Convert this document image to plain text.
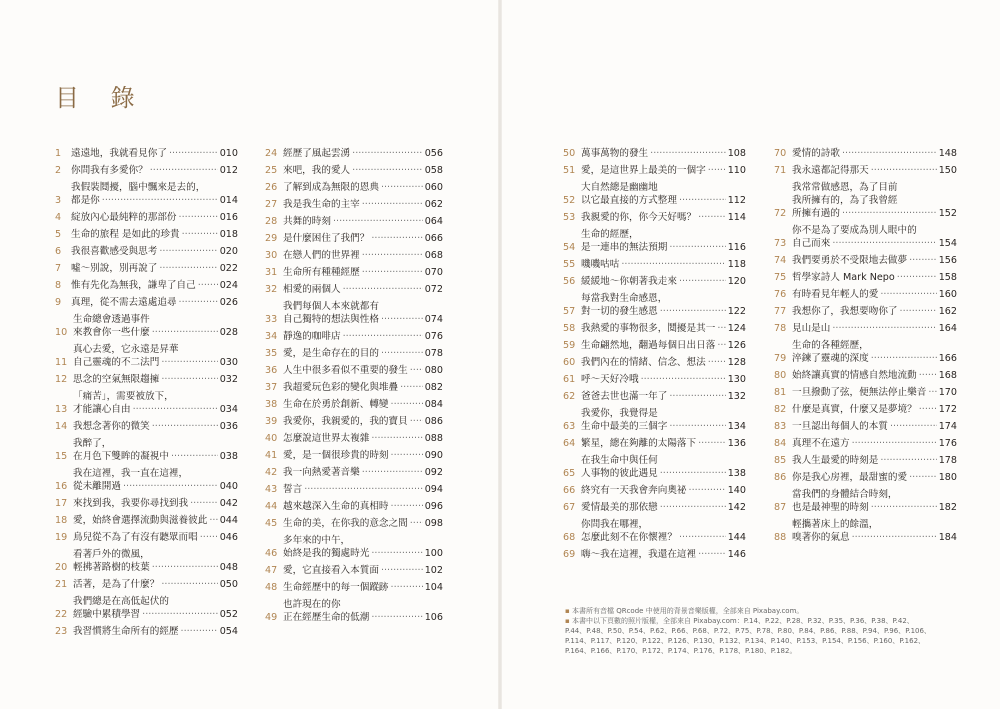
目 錄
1	遠遠地，我就看見你了 ·····	010
2	你問我有多愛你？ ·····	012
3
我假裝鬩擾，腦中飄來是去的，
都是你 ·····	014
4	綻放內心最純粹的那部份 ·····	016
5	生命的旅程 是如此的珍貴 ·····	018
6	我很喜歡感受與思考 ·····	020
7	噓～別說，別再說了 ·····	022
8	惟有先化為無我，謙卑了自己 ·····	024
9	真理，從不需去遠處追尋 ·····	026
10
生命總會透過事件
來教會你一些什麼 ·····	028
11
真心去愛，它永遠是昇華
自己靈魂的不二法門 ·····	030
12 思念的空氣無限趨擁 ·····	032
13
「痛苦」，需要被放下，
才能讓心自由 ·····	034
14 我想念著你的微笑 ·····	036
15
我醉了，
在月色下雙眸的凝視中 ·····	038
16
我在這裡，我一直在這裡，
從未離開過 ·····	040
17 來找到我，我要你尋找到我 ·····	042
18 愛，始終會選擇流動與滋養彼此 ·····	044
19 鳥兒從不為了有沒有聽眾而唱 ·····	046
20
看著戶外的微風，
輕拂著路樹的枝葉 ·····	048
21 活著，是為了什麼？ ·····	050
22
我們總是在高低起伏的
經驗中累積學習 ·····	052
23 我習慣將生命所有的經歷 ·····	054
24 經歷了風起雲湧 ·····	056
25 來吧，我的愛人 ·····	058
26 了解到成為無限的恩典 ·····	060
27 我是我生命的主宰 ·····	062
28 共舞的時刻 ·····	064
29 是什麼困住了我們？ ·····	066
30 在戀人們的世界裡 ·····	068
31 生命所有種種經歷 ·····	070
32 相愛的兩個人 ·····	072
33
我們每個人本來就都有
自己獨特的想法與性格 ·····	074
34 靜逸的咖啡店 ·····	076
35 愛，是生命存在的目的 ·····	078
36 人生中很多看似不重要的發生 ·····	080
37 我超愛玩色彩的變化與堆疊 ·····	082
38 生命在於勇於創新、轉變 ·····	084
39 我愛你，我親愛的，我的寶貝 ·····	086
40 怎麼說這世界太複雜 ·····	088
41 愛，是一個很珍貴的時刻 ·····	090
42 我一向熱愛著音樂 ·····	092
43 誓言 ·····	094
44 越來越深入生命的真相時 ·····	096
45 生命的美，在你我的意念之間 ·····	098
46
多年來的中午，
始終是我的獨處時光 ·····	100
47 愛，它直接看入本質面 ·····	102
48 生命經歷中的每一個蹤跡 ·····	104
49
也許現在的你
正在經歷生命的低潮 ·····	106
50 萬事萬物的發生 ·····	108
51 愛，是這世界上最美的一個字 ·····	110
52
大自然總是幽幽地
以它最直接的方式整理 ·····	112
53 我親愛的你，你今天好嗎？ ·····	114
54
生命的經歷，
是一連串的無法預期 ·····	116
55 嘰嘰咕咕 ·····	118
56 緩緩地～你朝著我走來 ·····	120
57
每當我對生命感恩，
對一切的發生感恩 ·····	122
58 我熱愛的事物很多，鬩擾是其一 ·····	124
59 生命翩然地，翻過每個日出日落 ·····	126
60 我們內在的情緒、信念、想法 ·····	128
61 呼～天好冷哦 ·····	130
62 爸爸去世也滿一年了 ·····	132
63
我愛你，我覺得是
生命中最美的三個字 ·····	134
64 繁星，總在夠離的太陽落下 ·····	136
65
在我生命中與任何
人事物的彼此遇見 ·····	138
66 終究有一天我會奔向奧祕 ·····	140
67 愛情最美的那依戀 ·····	142
68
你問我在哪裡，
怎麼此刻不在你懷裡？ ·····	144
69 嗨～我在這裡，我還在這裡 ·····	146
70 愛情的詩歌 ·····	148
71 我永遠都記得那天 ·····	150
72
我常常做感恩，為了目前
我所擁有的，為了我曾經
所擁有過的 ·····	152
73
你不是為了要成為別人眼中的
自己而來 ·····	154
74 我們要勇於不受限地去做夢 ·····	156
75 哲學家詩人 Mark Nepo ·····	158
76 有時看見年輕人的愛 ·····	160
77 我想你了，我想要吻你了 ·····	162
78 見山是山 ·····	164
79
生命的各種經歷，
淬鍊了靈魂的深度 ·····	166
80 始終讓真實的情感自然地流動 ·····	168
81 一旦撥動了弦，便無法停止樂音 ·····	170
82 什麼是真實，什麼又是夢境？ ·····	172
83 一旦認出每個人的本質 ·····	174
84 真理不在遠方 ·····	176
85 我人生最愛的時刻是 ·····	178
86 你是我心房裡，最甜蜜的愛 ·····	180
87
當我們的身體結合時刻，
也是最神聖的時刻 ·····	182
88
輕攜著床上的餘溫，
嗅著你的氣息 ·····	184
▪ 本書所有音檔 QRcode 中使用的背景音樂版權，全部來自 Pixabay.com。
▪ 本書中以下頁數的照片版權，全部來自 Pixabay.com：P.14、P.22、P.28、P.32、P.35、P.36、P.38、P.42、P.44、P.48、P.50、P.54、P.62、P.66、P.68、P.72、P.75、P.78、P.80、P.84、P.86、P.88、P.94、P.96、P.106、P.114、P.117、P.120、P.122、P.126、P.130、P.132、P.134、P.140、P.153、P.154、P.156、P.160、P.162、P.164、P.166、P.170、P.172、P.174、P.176、P.178、P.180、P.182。
